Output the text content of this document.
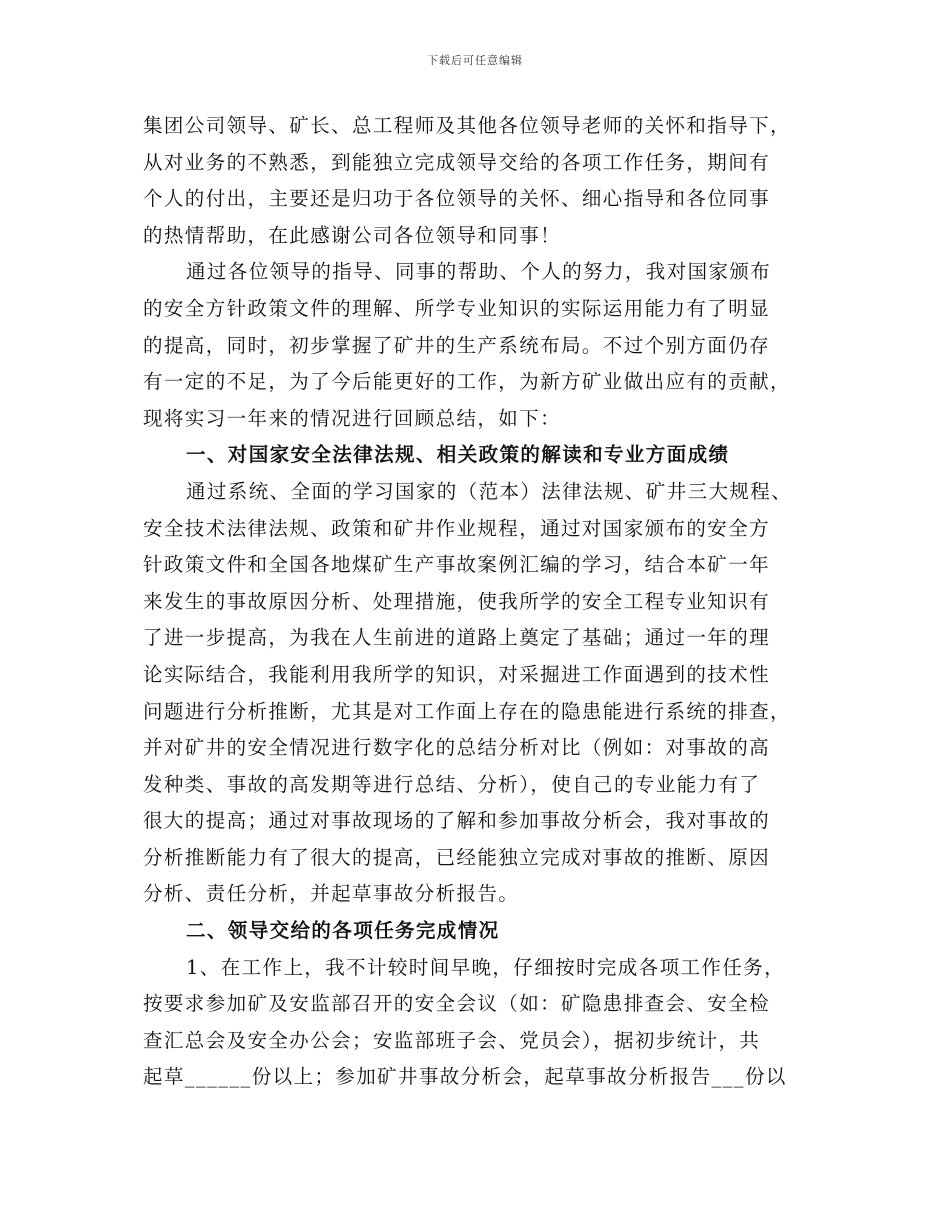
下载后可任意编辑
集团公司领导、矿长、总工程师及其他各位领导老师的关怀和指导下，
从对业务的不熟悉，到能独立完成领导交给的各项工作任务，期间有
个人的付出，主要还是归功于各位领导的关怀、细心指导和各位同事
的热情帮助，在此感谢公司各位领导和同事！
通过各位领导的指导、同事的帮助、个人的努力，我对国家颁布
的安全方针政策文件的理解、所学专业知识的实际运用能力有了明显
的提高，同时，初步掌握了矿井的生产系统布局。不过个别方面仍存
有一定的不足，为了今后能更好的工作，为新方矿业做出应有的贡献，
现将实习一年来的情况进行回顾总结，如下：
一、对国家安全法律法规、相关政策的解读和专业方面成绩
通过系统、全面的学习国家的（范本）法律法规、矿井三大规程、
安全技术法律法规、政策和矿井作业规程，通过对国家颁布的安全方
针政策文件和全国各地煤矿生产事故案例汇编的学习，结合本矿一年
来发生的事故原因分析、处理措施，使我所学的安全工程专业知识有
了进一步提高，为我在人生前进的道路上奠定了基础；通过一年的理
论实际结合，我能利用我所学的知识，对采掘进工作面遇到的技术性
问题进行分析推断，尤其是对工作面上存在的隐患能进行系统的排查，
并对矿井的安全情况进行数字化的总结分析对比（例如：对事故的高
发种类、事故的高发期等进行总结、分析），使自己的专业能力有了
很大的提高；通过对事故现场的了解和参加事故分析会，我对事故的
分析推断能力有了很大的提高，已经能独立完成对事故的推断、原因
分析、责任分析，并起草事故分析报告。
二、领导交给的各项任务完成情况
1、在工作上，我不计较时间早晚，仔细按时完成各项工作任务，
按要求参加矿及安监部召开的安全会议（如：矿隐患排查会、安全检
查汇总会及安全办公会；安监部班子会、党员会），据初步统计，共
起草______份以上；参加矿井事故分析会，起草事故分析报告___份以
